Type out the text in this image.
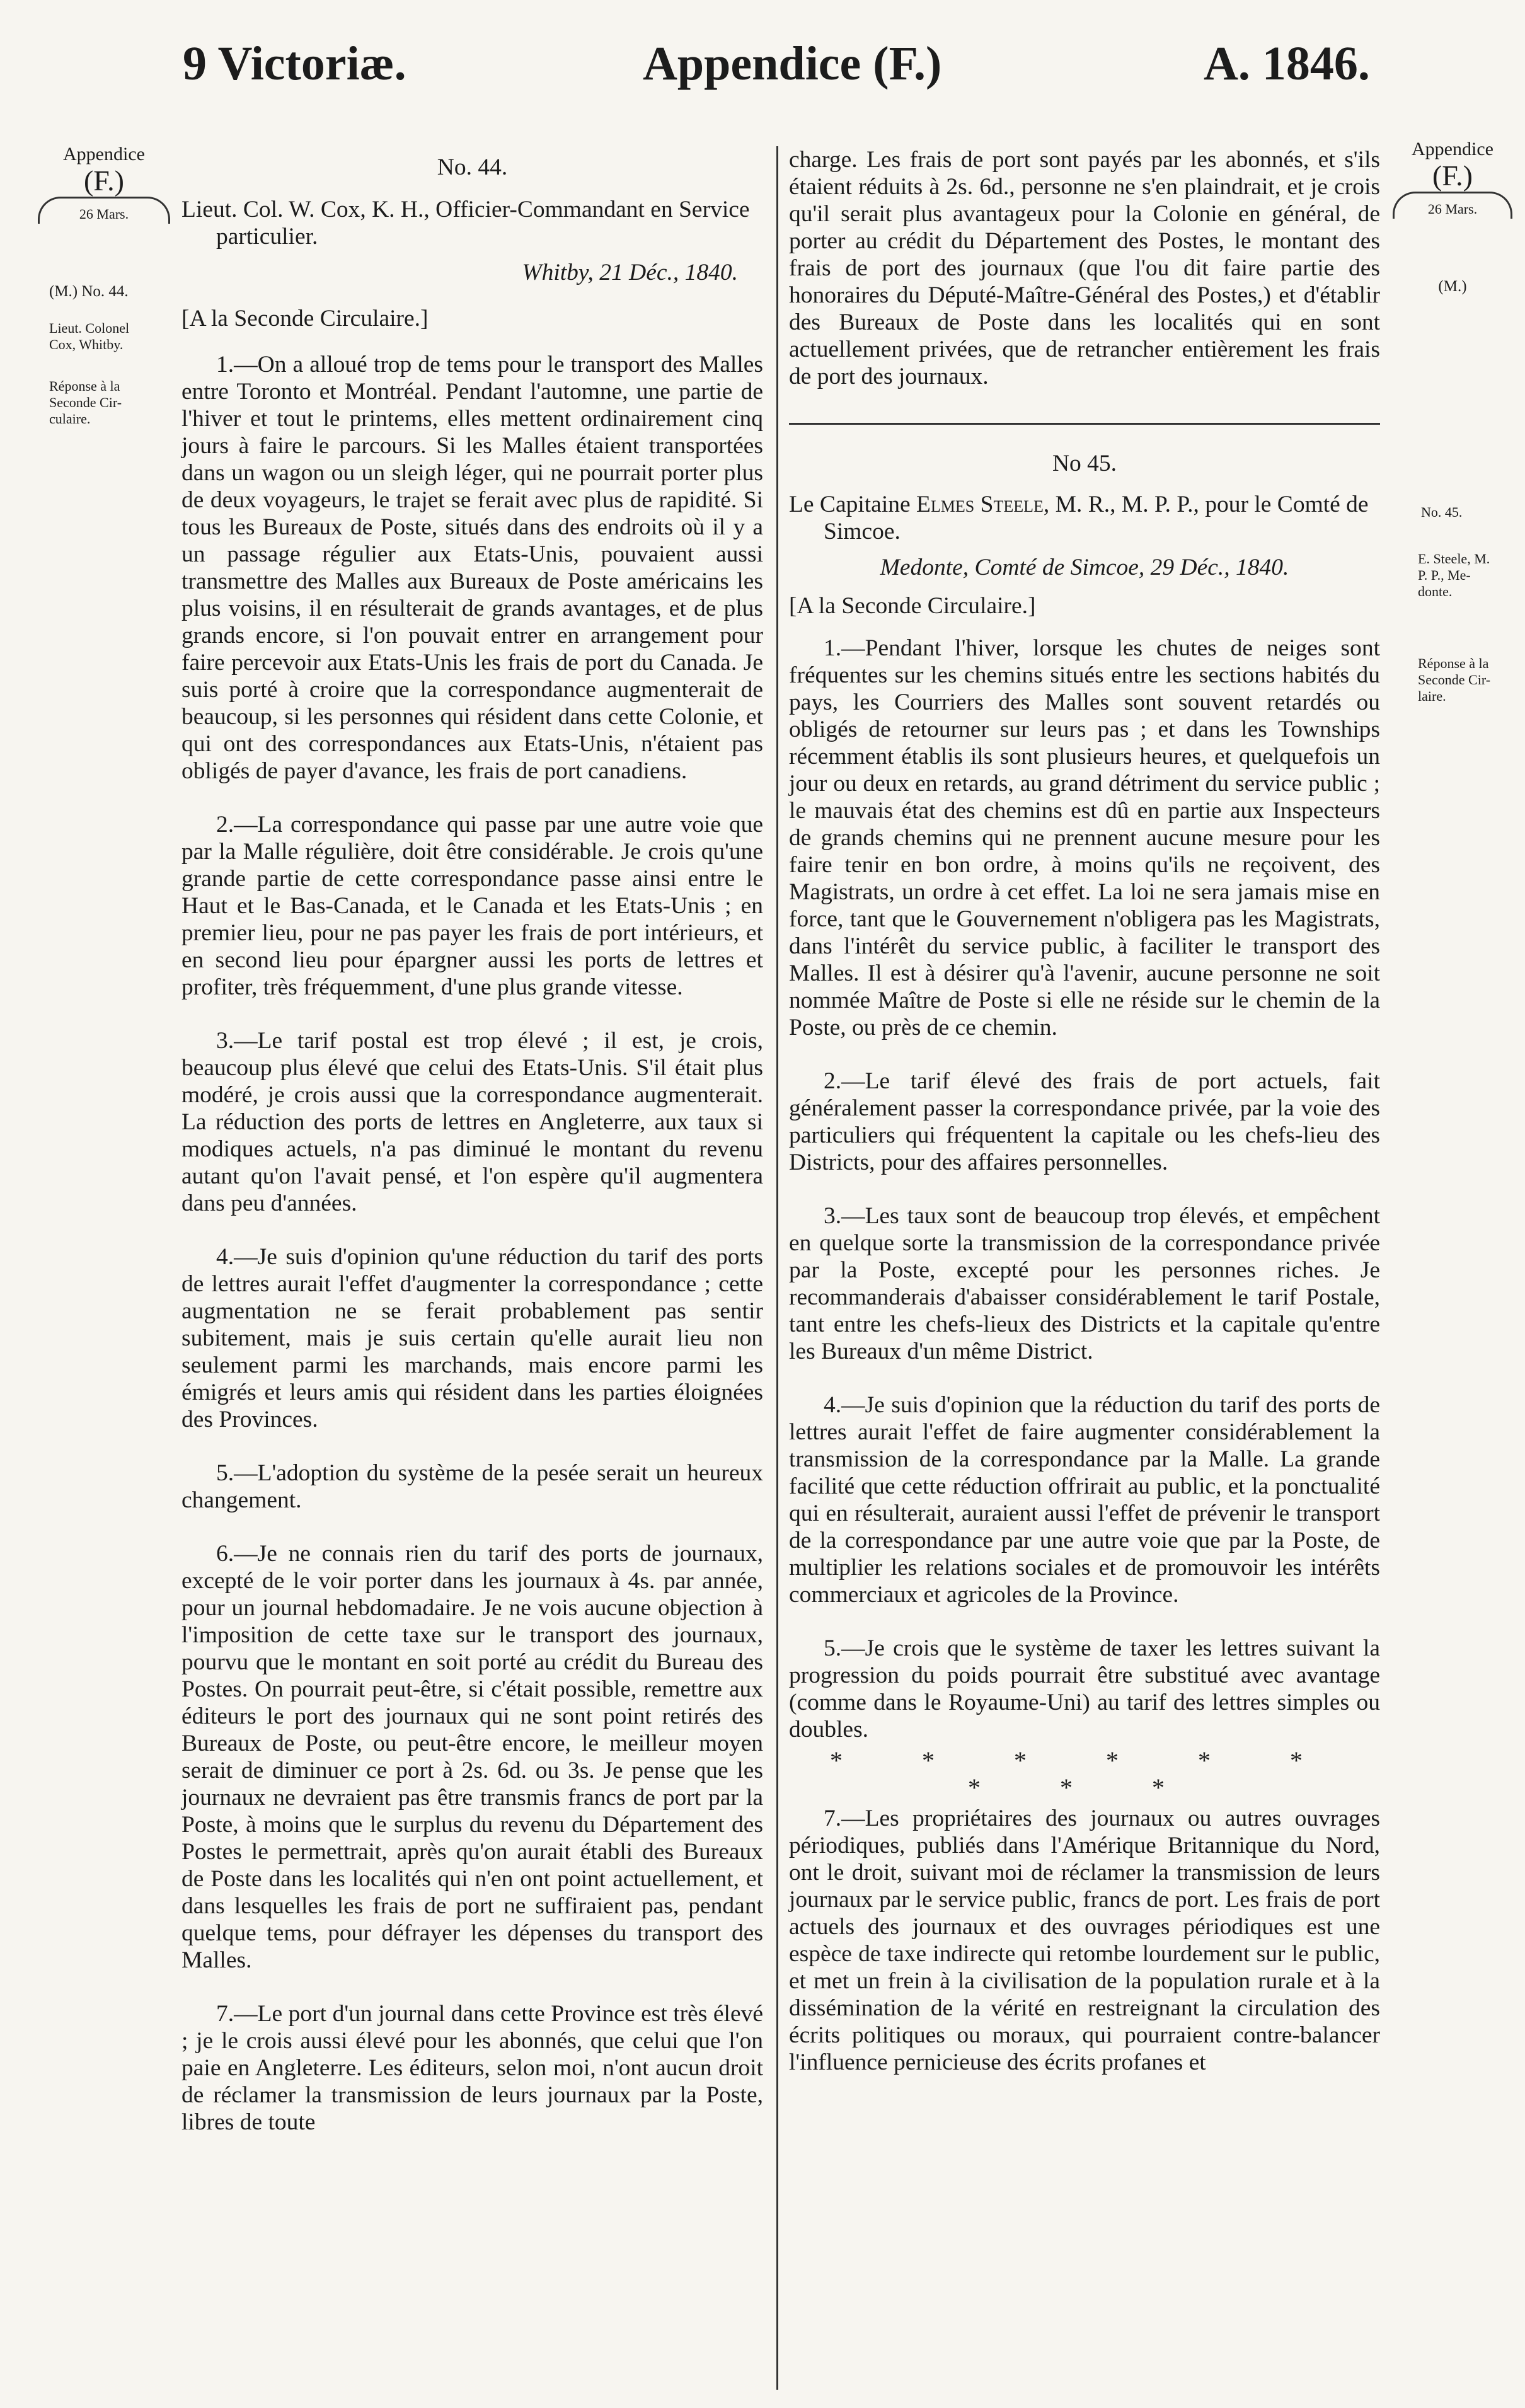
9 Victoriæ.	Appendice (F.)	A. 1846.
Appendice
(F.)
26 Mars.
(M.) No. 44.
Lieut. Colonel
Cox, Whitby.
Réponse à la
Seconde Cir-
culaire.
Appendice
(F.)
26 Mars.
(M.)
No. 45.
E. Steele, M.
P. P., Me-
donte.
Réponse à la
Seconde Cir-
laire.

No. 44.

Lieut. Col. W. Cox, K. H., Officier-Commandant en Service particulier.

Whitby, 21 Déc., 1840.

[A la Seconde Circulaire.]

1.—On a alloué trop de tems pour le transport des Malles entre Toronto et Montréal. Pendant l'automne, une partie de l'hiver et tout le printems, elles mettent ordinairement cinq jours à faire le parcours. Si les Malles étaient transportées dans un wagon ou un sleigh léger, qui ne pourrait porter plus de deux voyageurs, le trajet se ferait avec plus de rapidité. Si tous les Bureaux de Poste, situés dans des endroits où il y a un passage régulier aux Etats-Unis, pouvaient aussi transmettre des Malles aux Bureaux de Poste américains les plus voisins, il en résulterait de grands avantages, et de plus grands encore, si l'on pouvait entrer en arrangement pour faire percevoir aux Etats-Unis les frais de port du Canada. Je suis porté à croire que la correspondance augmenterait de beaucoup, si les personnes qui résident dans cette Colonie, et qui ont des correspondances aux Etats-Unis, n'étaient pas obligés de payer d'avance, les frais de port canadiens.

2.—La correspondance qui passe par une autre voie que par la Malle régulière, doit être considérable. Je crois qu'une grande partie de cette correspondance passe ainsi entre le Haut et le Bas-Canada, et le Canada et les Etats-Unis ; en premier lieu, pour ne pas payer les frais de port intérieurs, et en second lieu pour épargner aussi les ports de lettres et profiter, très fréquemment, d'une plus grande vitesse.

3.—Le tarif postal est trop élevé ; il est, je crois, beaucoup plus élevé que celui des Etats-Unis. S'il était plus modéré, je crois aussi que la correspondance augmenterait. La réduction des ports de lettres en Angleterre, aux taux si modiques actuels, n'a pas diminué le montant du revenu autant qu'on l'avait pensé, et l'on espère qu'il augmentera dans peu d'années.

4.—Je suis d'opinion qu'une réduction du tarif des ports de lettres aurait l'effet d'augmenter la correspondance ; cette augmentation ne se ferait probablement pas sentir subitement, mais je suis certain qu'elle aurait lieu non seulement parmi les marchands, mais encore parmi les émigrés et leurs amis qui résident dans les parties éloignées des Provinces.

5.—L'adoption du système de la pesée serait un heureux changement.

6.—Je ne connais rien du tarif des ports de journaux, excepté de le voir porter dans les journaux à 4s. par année, pour un journal hebdomadaire. Je ne vois aucune objection à l'imposition de cette taxe sur le transport des journaux, pourvu que le montant en soit porté au crédit du Bureau des Postes. On pourrait peut-être, si c'était possible, remettre aux éditeurs le port des journaux qui ne sont point retirés des Bureaux de Poste, ou peut-être encore, le meilleur moyen serait de diminuer ce port à 2s. 6d. ou 3s. Je pense que les journaux ne devraient pas être transmis francs de port par la Poste, à moins que le surplus du revenu du Département des Postes le permettrait, après qu'on aurait établi des Bureaux de Poste dans les localités qui n'en ont point actuellement, et dans lesquelles les frais de port ne suffiraient pas, pendant quelque tems, pour défrayer les dépenses du transport des Malles.

7.—Le port d'un journal dans cette Province est très élevé ; je le crois aussi élevé pour les abonnés, que celui que l'on paie en Angleterre. Les éditeurs, selon moi, n'ont aucun droit de réclamer la transmission de leurs journaux par la Poste, libres de toute

charge. Les frais de port sont payés par les abonnés, et s'ils étaient réduits à 2s. 6d., personne ne s'en plaindrait, et je crois qu'il serait plus avantageux pour la Colonie en général, de porter au crédit du Département des Postes, le montant des frais de port des journaux (que l'ou dit faire partie des honoraires du Député-Maître-Général des Postes,) et d'établir des Bureaux de Poste dans les localités qui en sont actuellement privées, que de retrancher entièrement les frais de port des journaux.

No 45.

Le Capitaine Elmes Steele, M. R., M. P. P., pour le Comté de Simcoe.

Medonte, Comté de Simcoe, 29 Déc., 1840.

[A la Seconde Circulaire.]

1.—Pendant l'hiver, lorsque les chutes de neiges sont fréquentes sur les chemins situés entre les sections habités du pays, les Courriers des Malles sont souvent retardés ou obligés de retourner sur leurs pas ; et dans les Townships récemment établis ils sont plusieurs heures, et quelquefois un jour ou deux en retards, au grand détriment du service public ; le mauvais état des chemins est dû en partie aux Inspecteurs de grands chemins qui ne prennent aucune mesure pour les faire tenir en bon ordre, à moins qu'ils ne reçoivent, des Magistrats, un ordre à cet effet. La loi ne sera jamais mise en force, tant que le Gouvernement n'obligera pas les Magistrats, dans l'intérêt du service public, à faciliter le transport des Malles. Il est à désirer qu'à l'avenir, aucune personne ne soit nommée Maître de Poste si elle ne réside sur le chemin de la Poste, ou près de ce chemin.

2.—Le tarif élevé des frais de port actuels, fait généralement passer la correspondance privée, par la voie des particuliers qui fréquentent la capitale ou les chefs-lieu des Districts, pour des affaires personnelles.

3.—Les taux sont de beaucoup trop élevés, et empêchent en quelque sorte la transmission de la correspondance privée par la Poste, excepté pour les personnes riches. Je recommanderais d'abaisser considérablement le tarif Postale, tant entre les chefs-lieux des Districts et la capitale qu'entre les Bureaux d'un même District.

4.—Je suis d'opinion que la réduction du tarif des ports de lettres aurait l'effet de faire augmenter considérablement la transmission de la correspondance par la Malle. La grande facilité que cette réduction offrirait au public, et la ponctualité qui en résulterait, auraient aussi l'effet de prévenir le transport de la correspondance par une autre voie que par la Poste, de multiplier les relations sociales et de promouvoir les intérêts commerciaux et agricoles de la Province.

5.—Je crois que le système de taxer les lettres suivant la progression du poids pourrait être substitué avec avantage (comme dans le Royaume-Uni) au tarif des lettres simples ou doubles.

* * * * * * * * *

7.—Les propriétaires des journaux ou autres ouvrages périodiques, publiés dans l'Amérique Britannique du Nord, ont le droit, suivant moi de réclamer la transmission de leurs journaux par le service public, francs de port. Les frais de port actuels des journaux et des ouvrages périodiques est une espèce de taxe indirecte qui retombe lourdement sur le public, et met un frein à la civilisation de la population rurale et à la dissémination de la vérité en restreignant la circulation des écrits politiques ou moraux, qui pourraient contre-balancer l'influence pernicieuse des écrits profanes et
